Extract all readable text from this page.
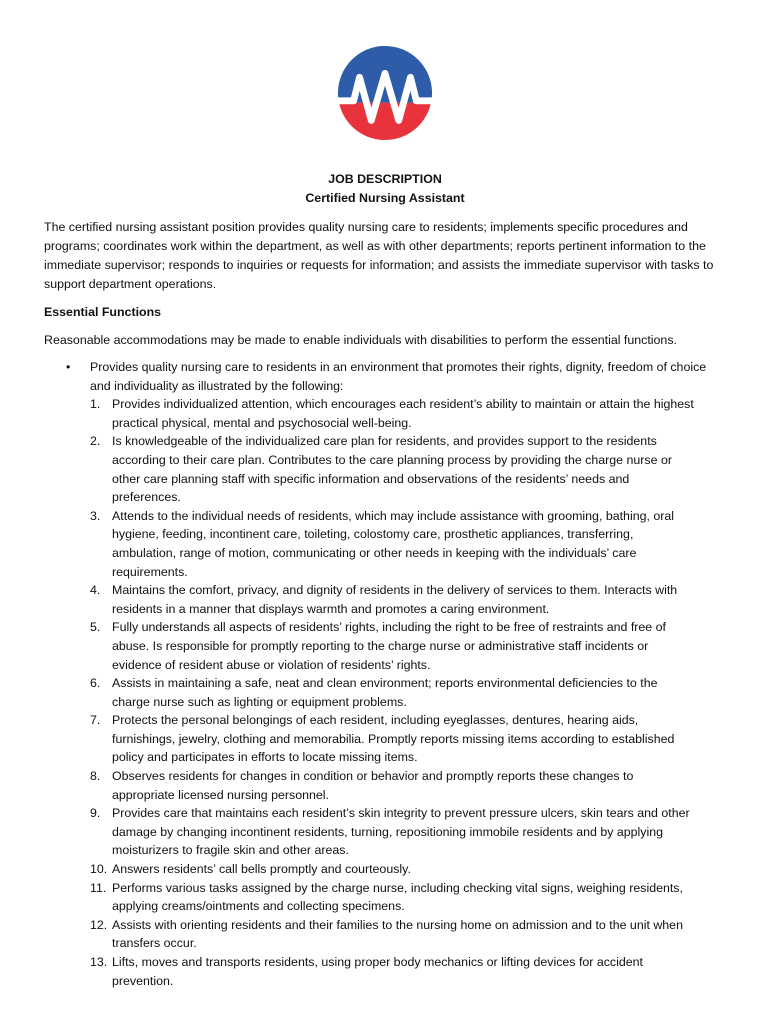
JOB DESCRIPTION
Certified Nursing Assistant

The certified nursing assistant position provides quality nursing care to residents; implements specific procedures and programs; coordinates work within the department, as well as with other departments; reports pertinent information to the immediate supervisor; responds to inquiries or requests for information; and assists the immediate supervisor with tasks to support department operations.

Essential Functions

Reasonable accommodations may be made to enable individuals with disabilities to perform the essential functions.

•	Provides quality nursing care to residents in an environment that promotes their rights, dignity, freedom of choice and individuality as illustrated by the following:
1. Provides individualized attention, which encourages each resident’s ability to maintain or attain the highest practical physical, mental and psychosocial well-being.
2. Is knowledgeable of the individualized care plan for residents, and provides support to the residents according to their care plan. Contributes to the care planning process by providing the charge nurse or other care planning staff with specific information and observations of the residents’ needs and preferences.
3. Attends to the individual needs of residents, which may include assistance with grooming, bathing, oral hygiene, feeding, incontinent care, toileting, colostomy care, prosthetic appliances, transferring, ambulation, range of motion, communicating or other needs in keeping with the individuals’ care requirements.
4. Maintains the comfort, privacy, and dignity of residents in the delivery of services to them. Interacts with residents in a manner that displays warmth and promotes a caring environment.
5. Fully understands all aspects of residents’ rights, including the right to be free of restraints and free of abuse. Is responsible for promptly reporting to the charge nurse or administrative staff incidents or evidence of resident abuse or violation of residents’ rights.
6. Assists in maintaining a safe, neat and clean environment; reports environmental deficiencies to the charge nurse such as lighting or equipment problems.
7. Protects the personal belongings of each resident, including eyeglasses, dentures, hearing aids, furnishings, jewelry, clothing and memorabilia. Promptly reports missing items according to established policy and participates in efforts to locate missing items.
8. Observes residents for changes in condition or behavior and promptly reports these changes to appropriate licensed nursing personnel.
9. Provides care that maintains each resident’s skin integrity to prevent pressure ulcers, skin tears and other damage by changing incontinent residents, turning, repositioning immobile residents and by applying moisturizers to fragile skin and other areas.
10. Answers residents’ call bells promptly and courteously.
11. Performs various tasks assigned by the charge nurse, including checking vital signs, weighing residents, applying creams/ointments and collecting specimens.
12. Assists with orienting residents and their families to the nursing home on admission and to the unit when transfers occur.
13. Lifts, moves and transports residents, using proper body mechanics or lifting devices for accident prevention.
